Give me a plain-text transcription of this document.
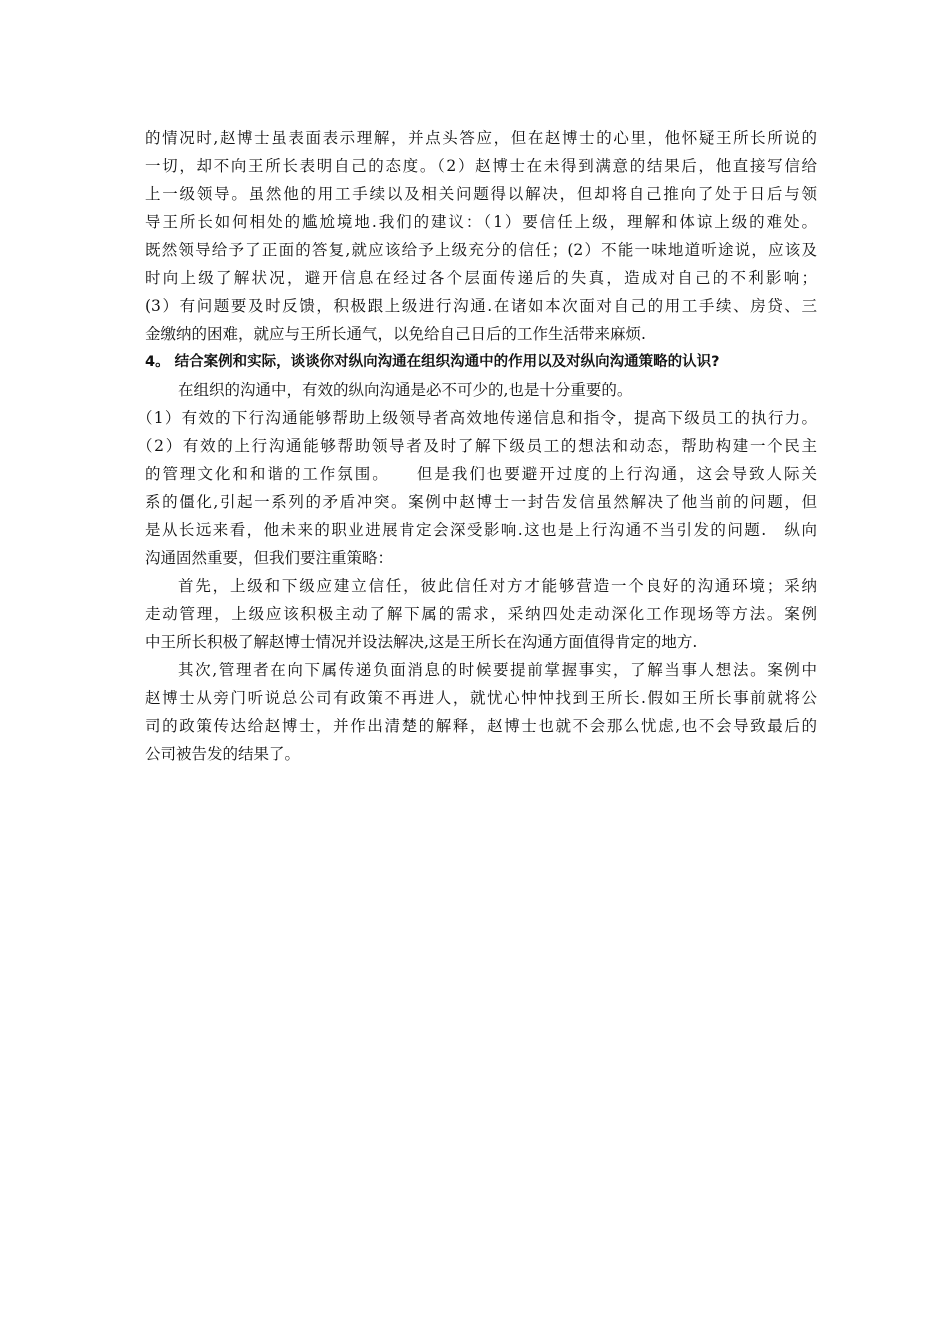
的情况时,赵博士虽表面表示理解，并点头答应，但在赵博士的心里，他怀疑王所长所说的
一切，却不向王所长表明自己的态度。（2）赵博士在未得到满意的结果后，他直接写信给
上一级领导。虽然他的用工手续以及相关问题得以解决，但却将自己推向了处于日后与领
导王所长如何相处的尴尬境地.我们的建议：（1）要信任上级，理解和体谅上级的难处。
既然领导给予了正面的答复,就应该给予上级充分的信任；(2）不能一味地道听途说，应该及
时向上级了解状况，避开信息在经过各个层面传递后的失真，造成对自己的不利影响；
(3）有问题要及时反馈，积极跟上级进行沟通.在诸如本次面对自己的用工手续、房贷、三
金缴纳的困难，就应与王所长通气，以免给自己日后的工作生活带来麻烦.
4。 结合案例和实际，谈谈你对纵向沟通在组织沟通中的作用以及对纵向沟通策略的认识?
在组织的沟通中，有效的纵向沟通是必不可少的,也是十分重要的。
（1）有效的下行沟通能够帮助上级领导者高效地传递信息和指令，提高下级员工的执行力。
（2）有效的上行沟通能够帮助领导者及时了解下级员工的想法和动态，帮助构建一个民主
的管理文化和和谐的工作氛围。　　但是我们也要避开过度的上行沟通，这会导致人际关
系的僵化,引起一系列的矛盾冲突。案例中赵博士一封告发信虽然解决了他当前的问题，但
是从长远来看，他未来的职业进展肯定会深受影响.这也是上行沟通不当引发的问题.　纵向
沟通固然重要，但我们要注重策略：
首先，上级和下级应建立信任，彼此信任对方才能够营造一个良好的沟通环境；采纳
走动管理，上级应该积极主动了解下属的需求，采纳四处走动深化工作现场等方法。案例
中王所长积极了解赵博士情况并设法解决,这是王所长在沟通方面值得肯定的地方.
其次,管理者在向下属传递负面消息的时候要提前掌握事实，了解当事人想法。案例中
赵博士从旁门听说总公司有政策不再进人，就忧心忡忡找到王所长.假如王所长事前就将公
司的政策传达给赵博士，并作出清楚的解释，赵博士也就不会那么忧虑,也不会导致最后的
公司被告发的结果了。
